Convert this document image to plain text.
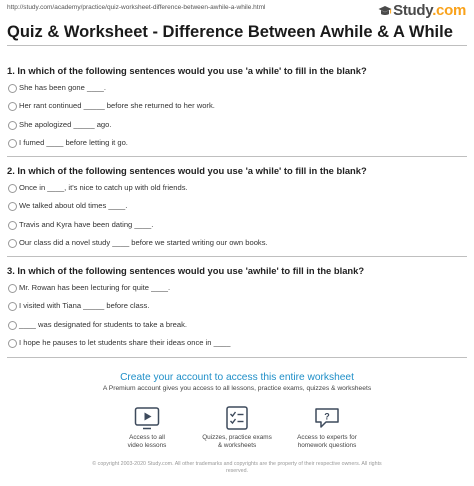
http://study.com/academy/practice/quiz-worksheet-difference-between-awhile-a-while.html	Study.com
Quiz & Worksheet - Difference Between Awhile & A While
1. In which of the following sentences would you use 'a while' to fill in the blank?
She has been gone ____.
Her rant continued _____ before she returned to her work.
She apologized _____ ago.
I fumed ____ before letting it go.
2. In which of the following sentences would you use 'a while' to fill in the blank?
Once in ____, it's nice to catch up with old friends.
We talked about old times ____.
Travis and Kyra have been dating ____.
Our class did a novel study ____ before we started writing our own books.
3. In which of the following sentences would you use 'awhile' to fill in the blank?
Mr. Rowan has been lecturing for quite ____.
I visited with Tiana _____ before class.
____ was designated for students to take a break.
I hope he pauses to let students share their ideas once in ____
Create your account to access this entire worksheet
A Premium account gives you access to all lessons, practice exams, quizzes & worksheets
Access to all
video lessons
Quizzes, practice exams
& worksheets
?
Access to experts for
homework questions
© copyright 2003-2020 Study.com. All other trademarks and copyrights are the property of their respective owners. All rights
reserved.
